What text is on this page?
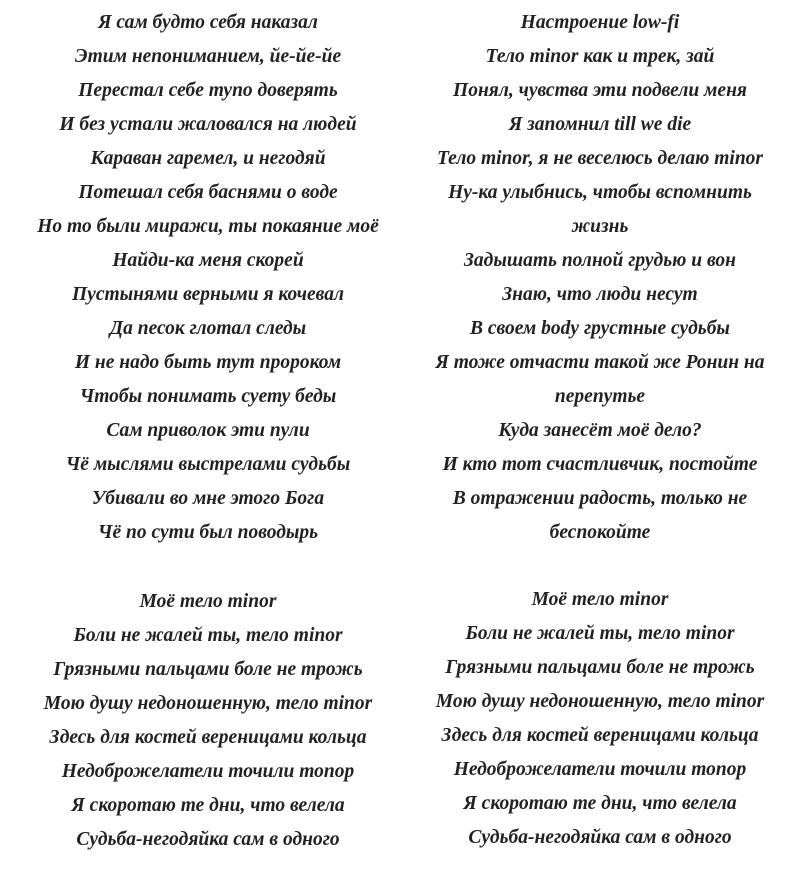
Я сам будто себя наказал
Этим непониманием, йе-йе-йе
Перестал себе тупо доверять
И без устали жаловался на людей
Караван гаремел, и негодяй
Потешал себя баснями о воде
Но то были миражи, ты покаяние моё
Найди-ка меня скорей
Пустынями верными я кочевал
Да песок глотал следы
И не надо быть тут пророком
Чтобы понимать суету беды
Сам приволок эти пули
Чё мыслями выстрелами судьбы
Убивали во мне этого Бога
Чё по сути был поводырь
Моё тело minor
Боли не жалей ты, тело minor
Грязными пальцами боле не трожь
Мою душу недоношенную, тело minor
Здесь для костей вереницами кольца
Недоброжелатели точили топор
Я скоротаю те дни, что велела
Судьба-негодяйка сам в одного
Настроение low-fi
Тело minor как и трек, зай
Понял, чувства эти подвели меня
Я запомнил till we die
Тело minor, я не веселюсь делаю minor
Ну-ка улыбнись, чтобы вспомнить
жизнь
Задышать полной грудью и вон
Знаю, что люди несут
В своем body грустные судьбы
Я тоже отчасти такой же Ронин на
перепутье
Куда занесёт моё дело?
И кто тот счастливчик, постойте
В отражении радость, только не
беспокойте
Моё тело minor
Боли не жалей ты, тело minor
Грязными пальцами боле не трожь
Мою душу недоношенную, тело minor
Здесь для костей вереницами кольца
Недоброжелатели точили топор
Я скоротаю те дни, что велела
Судьба-негодяйка сам в одного
